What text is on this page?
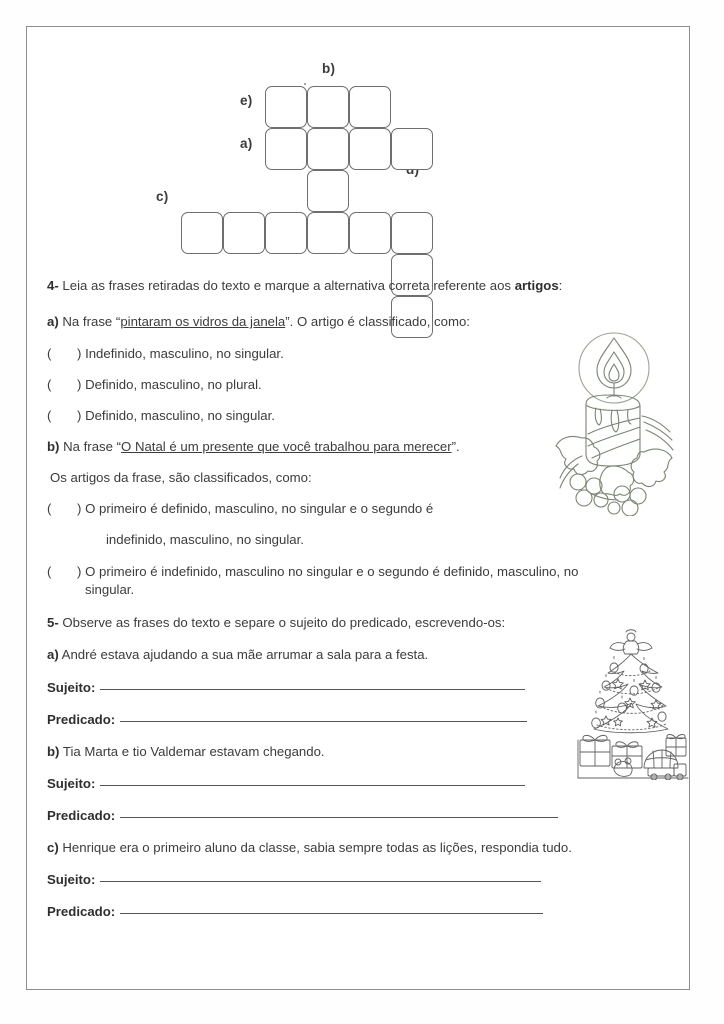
b)
e)
a)
c)
4- Leia as frases retiradas do texto e marque a alternativa correta referente aos artigos:
a) Na frase “pintaram os vidros da janela”. O artigo é classificado, como:
( ) Indefinido, masculino, no singular.
( ) Definido, masculino, no plural.
( ) Definido, masculino, no singular.
b) Na frase “O Natal é um presente que você trabalhou para merecer”.
Os artigos da frase, são classificados, como:
( ) O primeiro é definido, masculino, no singular e o segundo é
indefinido, masculino, no singular.
( ) O primeiro é indefinido, masculino no singular e o segundo é definido, masculino, no
singular.
5- Observe as frases do texto e separe o sujeito do predicado, escrevendo-os:
a) André estava ajudando a sua mãe arrumar a sala para a festa.
Sujeito:
Predicado:
b) Tia Marta e tio Valdemar estavam chegando.
Sujeito:
Predicado:
c) Henrique era o primeiro aluno da classe, sabia sempre todas as lições, respondia tudo.
Sujeito:
Predicado:
